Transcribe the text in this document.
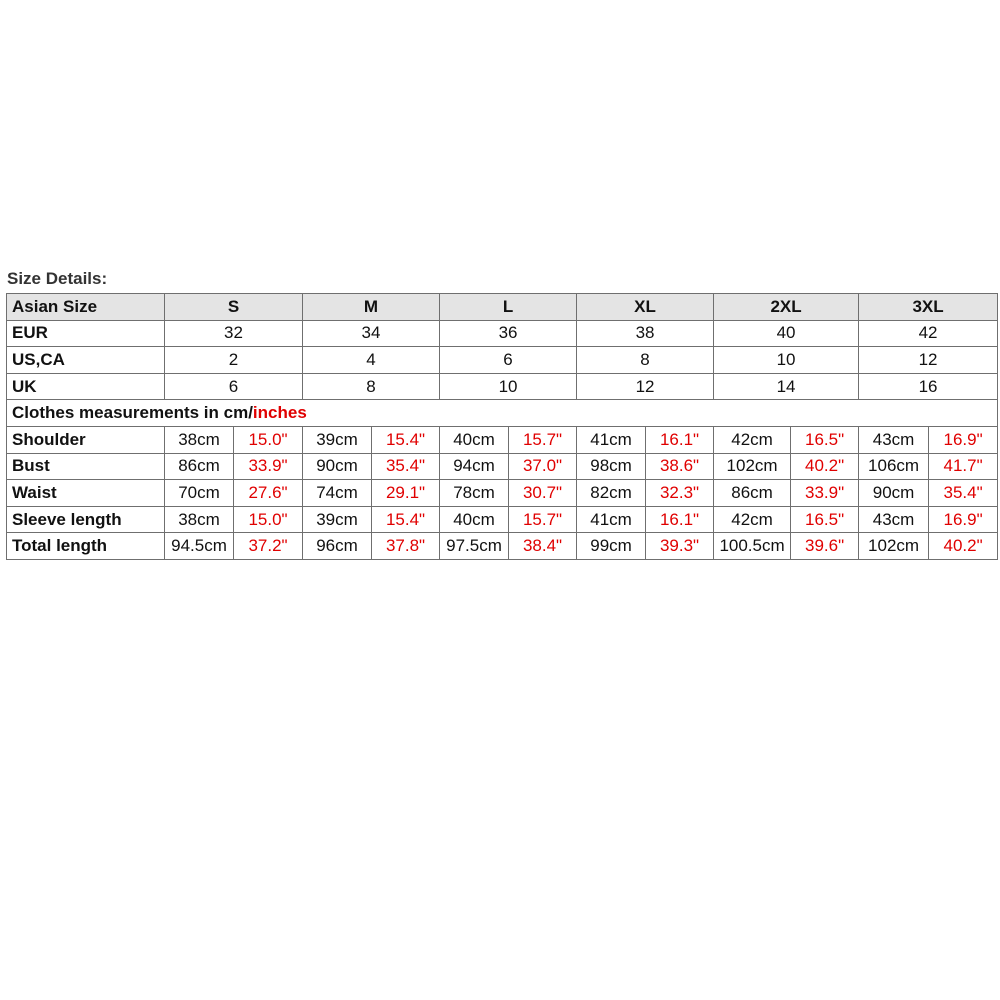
Size Details:
Asian Size	S		M		L		XL		2XL		3XL	
EUR	32		34		36		38		40		42	
US,CA	2		4		6		8		10		12	
UK	6		8		10		12		14		16	
Clothes measurements in cm/inches												
Shoulder	38cm	15.0"	39cm	15.4"	40cm	15.7"	41cm	16.1"	42cm	16.5"	43cm	16.9"
Bust	86cm	33.9"	90cm	35.4"	94cm	37.0"	98cm	38.6"	102cm	40.2"	106cm	41.7"
Waist	70cm	27.6"	74cm	29.1"	78cm	30.7"	82cm	32.3"	86cm	33.9"	90cm	35.4"
Sleeve length	38cm	15.0"	39cm	15.4"	40cm	15.7"	41cm	16.1"	42cm	16.5"	43cm	16.9"
Total length	94.5cm	37.2"	96cm	37.8"	97.5cm	38.4"	99cm	39.3"	100.5cm	39.6"	102cm	40.2"
